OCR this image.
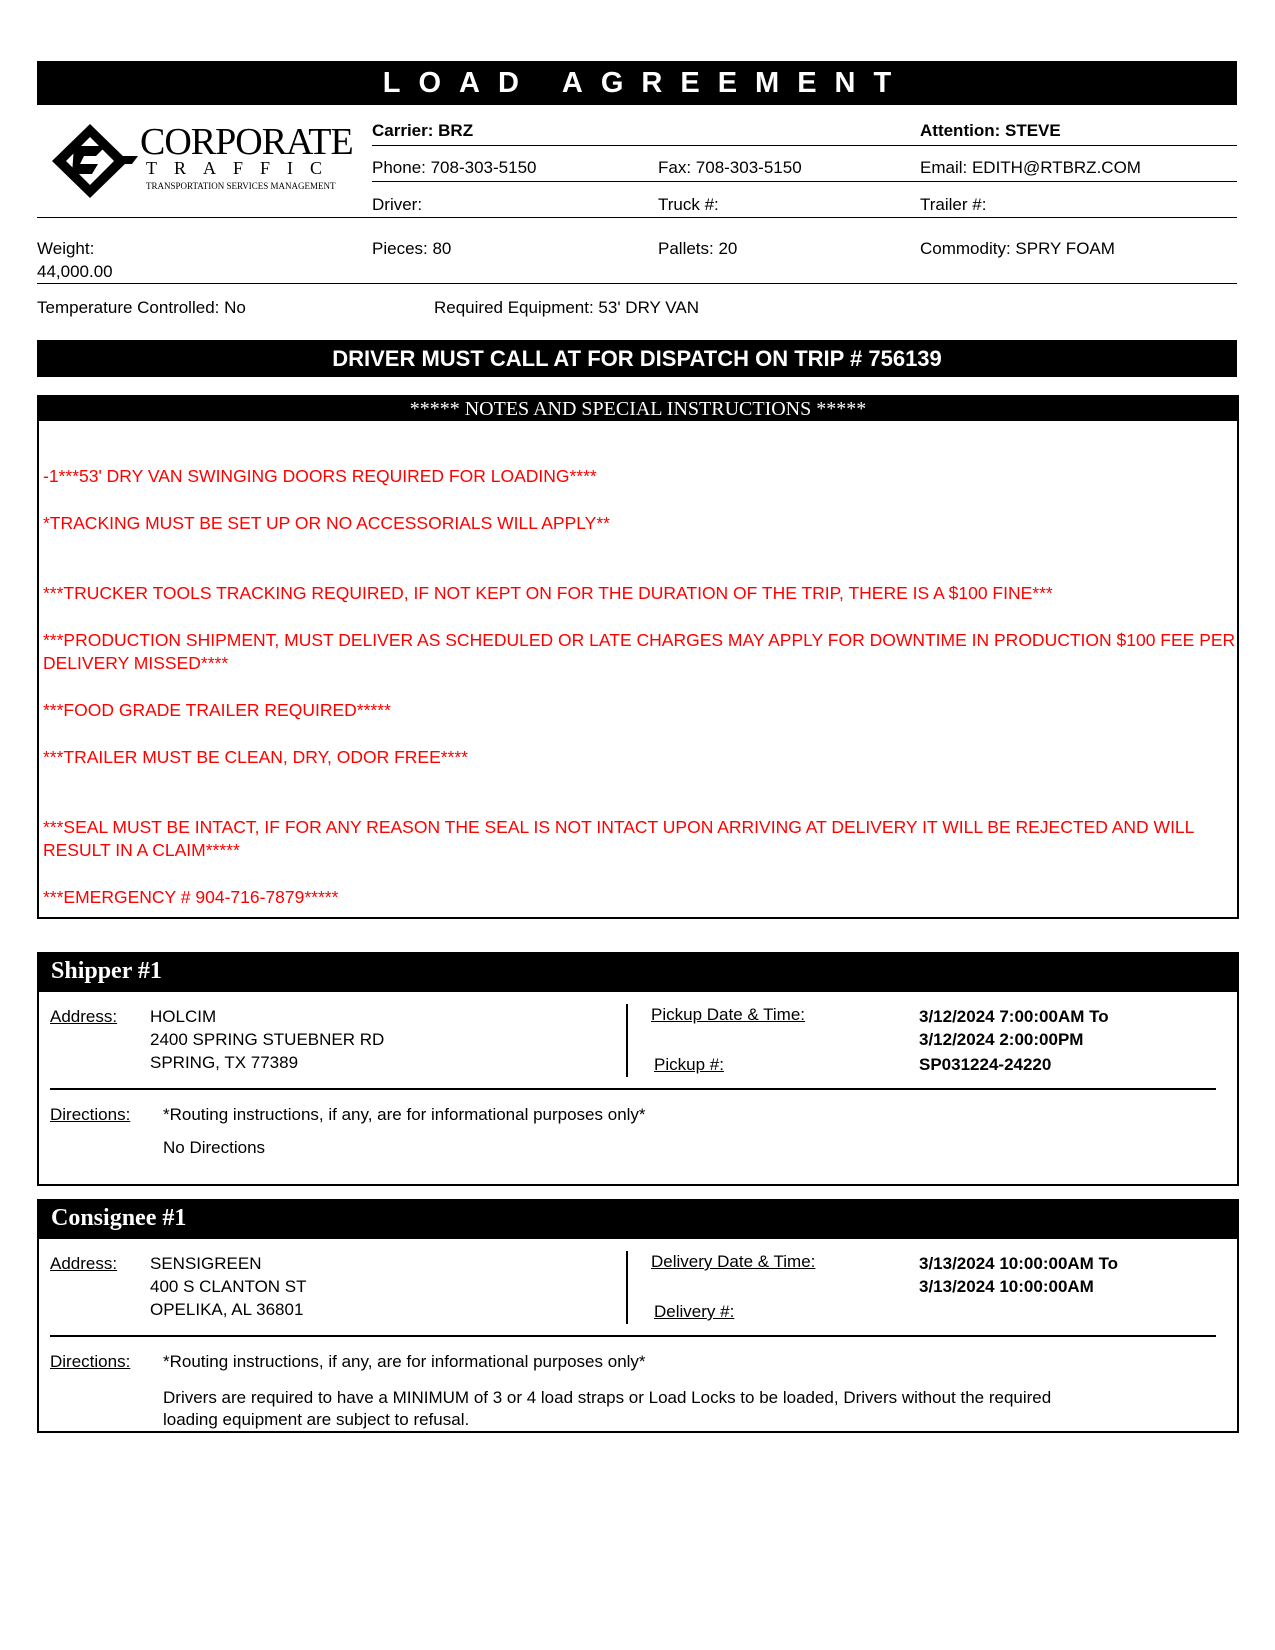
LOAD AGREEMENT
CORPORATE
TRAFFIC
TRANSPORTATION SERVICES MANAGEMENT
Carrier: BRZ	Attention: STEVE
Phone: 708-303-5150	Fax: 708-303-5150	Email: EDITH@RTBRZ.COM
Driver:	Truck #:	Trailer #:
Weight:
44,000.00
Pieces: 80	Pallets: 20	Commodity: SPRY FOAM
Temperature Controlled: No	Required Equipment: 53' DRY VAN
DRIVER MUST CALL AT FOR DISPATCH ON TRIP # 756139
***** NOTES AND SPECIAL INSTRUCTIONS *****
-1***53' DRY VAN SWINGING DOORS REQUIRED FOR LOADING****
*TRACKING MUST BE SET UP OR NO ACCESSORIALS WILL APPLY**
***TRUCKER TOOLS TRACKING REQUIRED, IF NOT KEPT ON FOR THE DURATION OF THE TRIP, THERE IS A $100 FINE***
***PRODUCTION SHIPMENT, MUST DELIVER AS SCHEDULED OR LATE CHARGES MAY APPLY FOR DOWNTIME IN PRODUCTION $100 FEE PER DELIVERY MISSED****
***FOOD GRADE TRAILER REQUIRED*****
***TRAILER MUST BE CLEAN, DRY, ODOR FREE****
***SEAL MUST BE INTACT, IF FOR ANY REASON THE SEAL IS NOT INTACT UPON ARRIVING AT DELIVERY IT WILL BE REJECTED AND WILL RESULT IN A CLAIM*****
***EMERGENCY # 904-716-7879*****
Shipper #1
Address: HOLCIM
2400 SPRING STUEBNER RD
SPRING, TX 77389
Pickup Date & Time:	3/12/2024 7:00:00AM To
3/12/2024 2:00:00PM
Pickup #:	SP031224-24220
Directions: *Routing instructions, if any, are for informational purposes only*
No Directions
Consignee #1
Address: SENSIGREEN
400 S CLANTON ST
OPELIKA, AL 36801
Delivery Date & Time:	3/13/2024 10:00:00AM To
3/13/2024 10:00:00AM
Delivery #:
Directions: *Routing instructions, if any, are for informational purposes only*
Drivers are required to have a MINIMUM of 3 or 4 load straps or Load Locks to be loaded, Drivers without the required loading equipment are subject to refusal.
